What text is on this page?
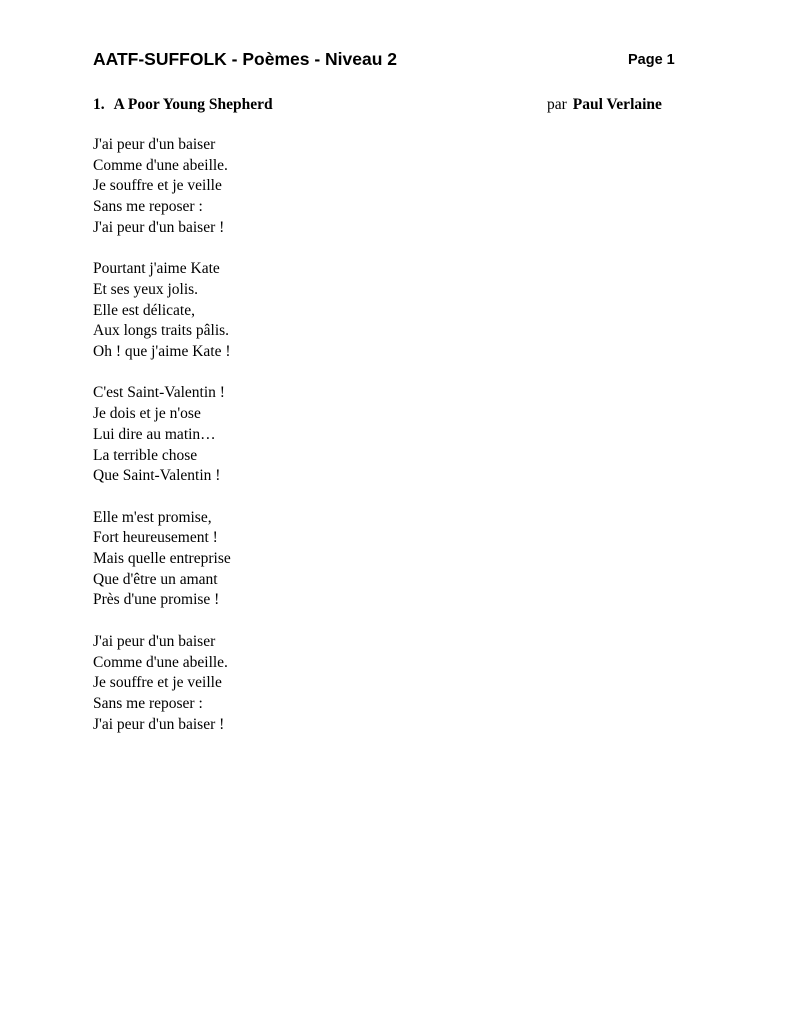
AATF-SUFFOLK - Poèmes - Niveau 2	Page 1
1. A Poor Young Shepherd	par Paul Verlaine
J'ai peur d'un baiser
Comme d'une abeille.
Je souffre et je veille
Sans me reposer :
J'ai peur d'un baiser !
Pourtant j'aime Kate
Et ses yeux jolis.
Elle est délicate,
Aux longs traits pâlis.
Oh ! que j'aime Kate !
C'est Saint-Valentin !
Je dois et je n'ose
Lui dire au matin…
La terrible chose
Que Saint-Valentin !
Elle m'est promise,
Fort heureusement !
Mais quelle entreprise
Que d'être un amant
Près d'une promise !
J'ai peur d'un baiser
Comme d'une abeille.
Je souffre et je veille
Sans me reposer :
J'ai peur d'un baiser !
